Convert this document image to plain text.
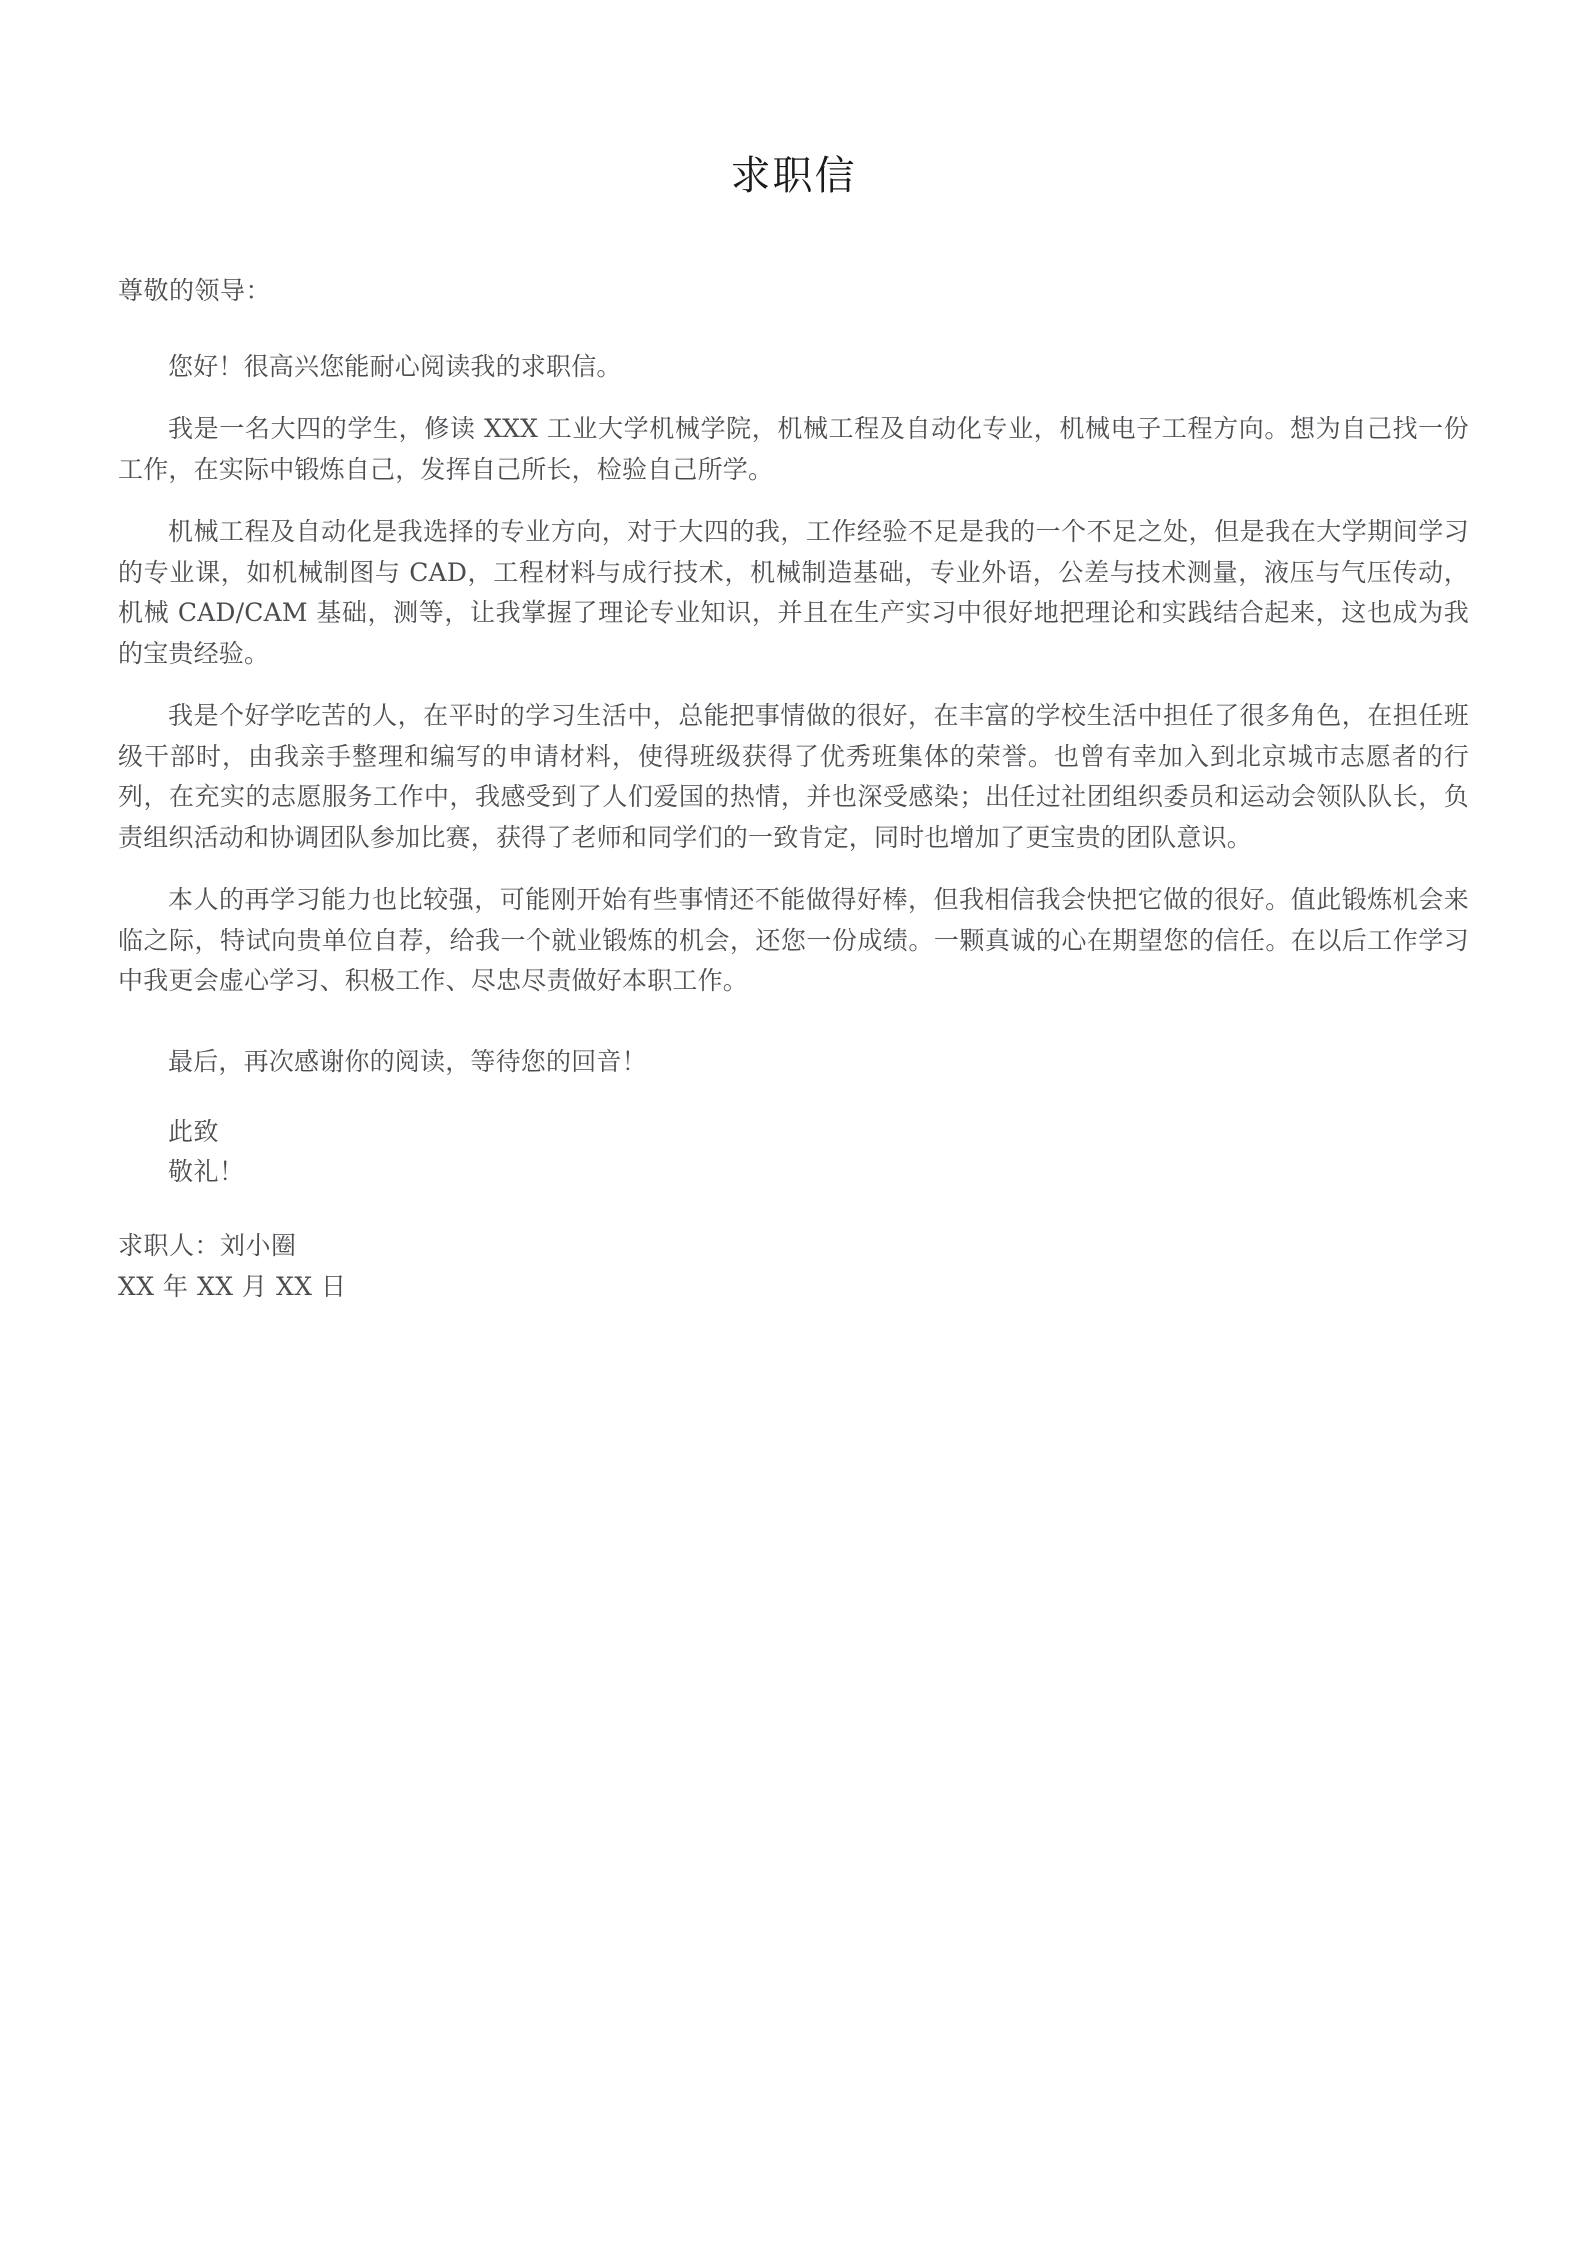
求职信

尊敬的领导：

您好！很高兴您能耐心阅读我的求职信。

我是一名大四的学生，修读 XXX 工业大学机械学院，机械工程及自动化专业，机械电子工程方向。想为自己找一份工作，在实际中锻炼自己，发挥自己所长，检验自己所学。

机械工程及自动化是我选择的专业方向，对于大四的我，工作经验不足是我的一个不足之处，但是我在大学期间学习的专业课，如机械制图与 CAD，工程材料与成行技术，机械制造基础，专业外语，公差与技术测量，液压与气压传动，机械 CAD/CAM 基础，测等，让我掌握了理论专业知识，并且在生产实习中很好地把理论和实践结合起来，这也成为我的宝贵经验。

我是个好学吃苦的人，在平时的学习生活中，总能把事情做的很好，在丰富的学校生活中担任了很多角色，在担任班级干部时，由我亲手整理和编写的申请材料，使得班级获得了优秀班集体的荣誉。也曾有幸加入到北京城市志愿者的行列，在充实的志愿服务工作中，我感受到了人们爱国的热情，并也深受感染；出任过社团组织委员和运动会领队队长，负责组织活动和协调团队参加比赛，获得了老师和同学们的一致肯定，同时也增加了更宝贵的团队意识。

本人的再学习能力也比较强，可能刚开始有些事情还不能做得好棒，但我相信我会快把它做的很好。值此锻炼机会来临之际，特试向贵单位自荐，给我一个就业锻炼的机会，还您一份成绩。一颗真诚的心在期望您的信任。在以后工作学习中我更会虚心学习、积极工作、尽忠尽责做好本职工作。

最后，再次感谢你的阅读，等待您的回音！

此致

敬礼！

求职人：刘小圈

XX 年 XX 月 XX 日
